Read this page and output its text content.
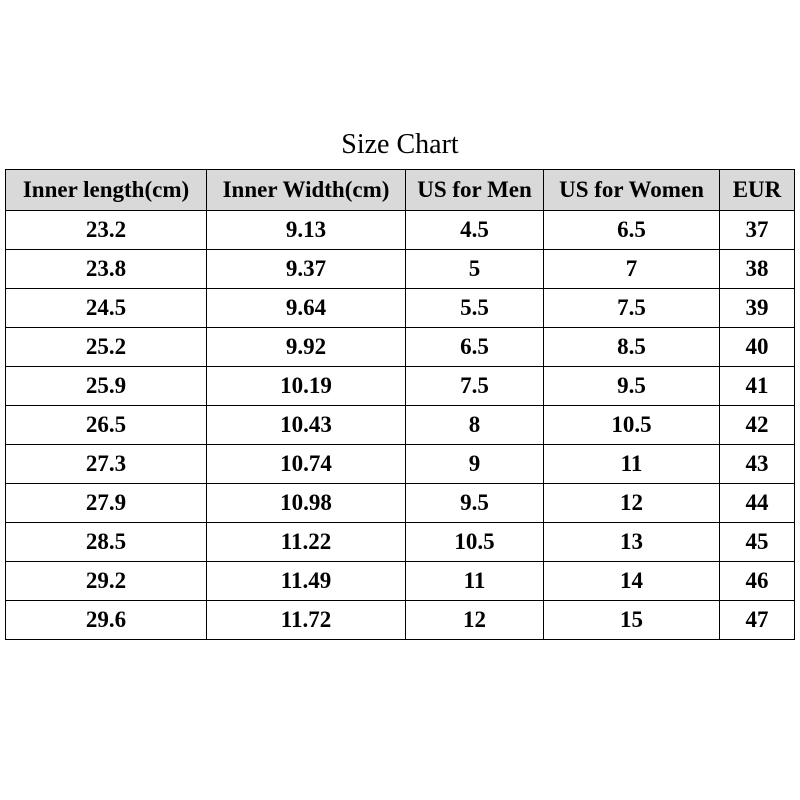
Size Chart
Inner length(cm)	Inner Width(cm)	US for Men	US for Women	EUR
23.2	9.13	4.5	6.5	37
23.8	9.37	5	7	38
24.5	9.64	5.5	7.5	39
25.2	9.92	6.5	8.5	40
25.9	10.19	7.5	9.5	41
26.5	10.43	8	10.5	42
27.3	10.74	9	11	43
27.9	10.98	9.5	12	44
28.5	11.22	10.5	13	45
29.2	11.49	11	14	46
29.6	11.72	12	15	47
